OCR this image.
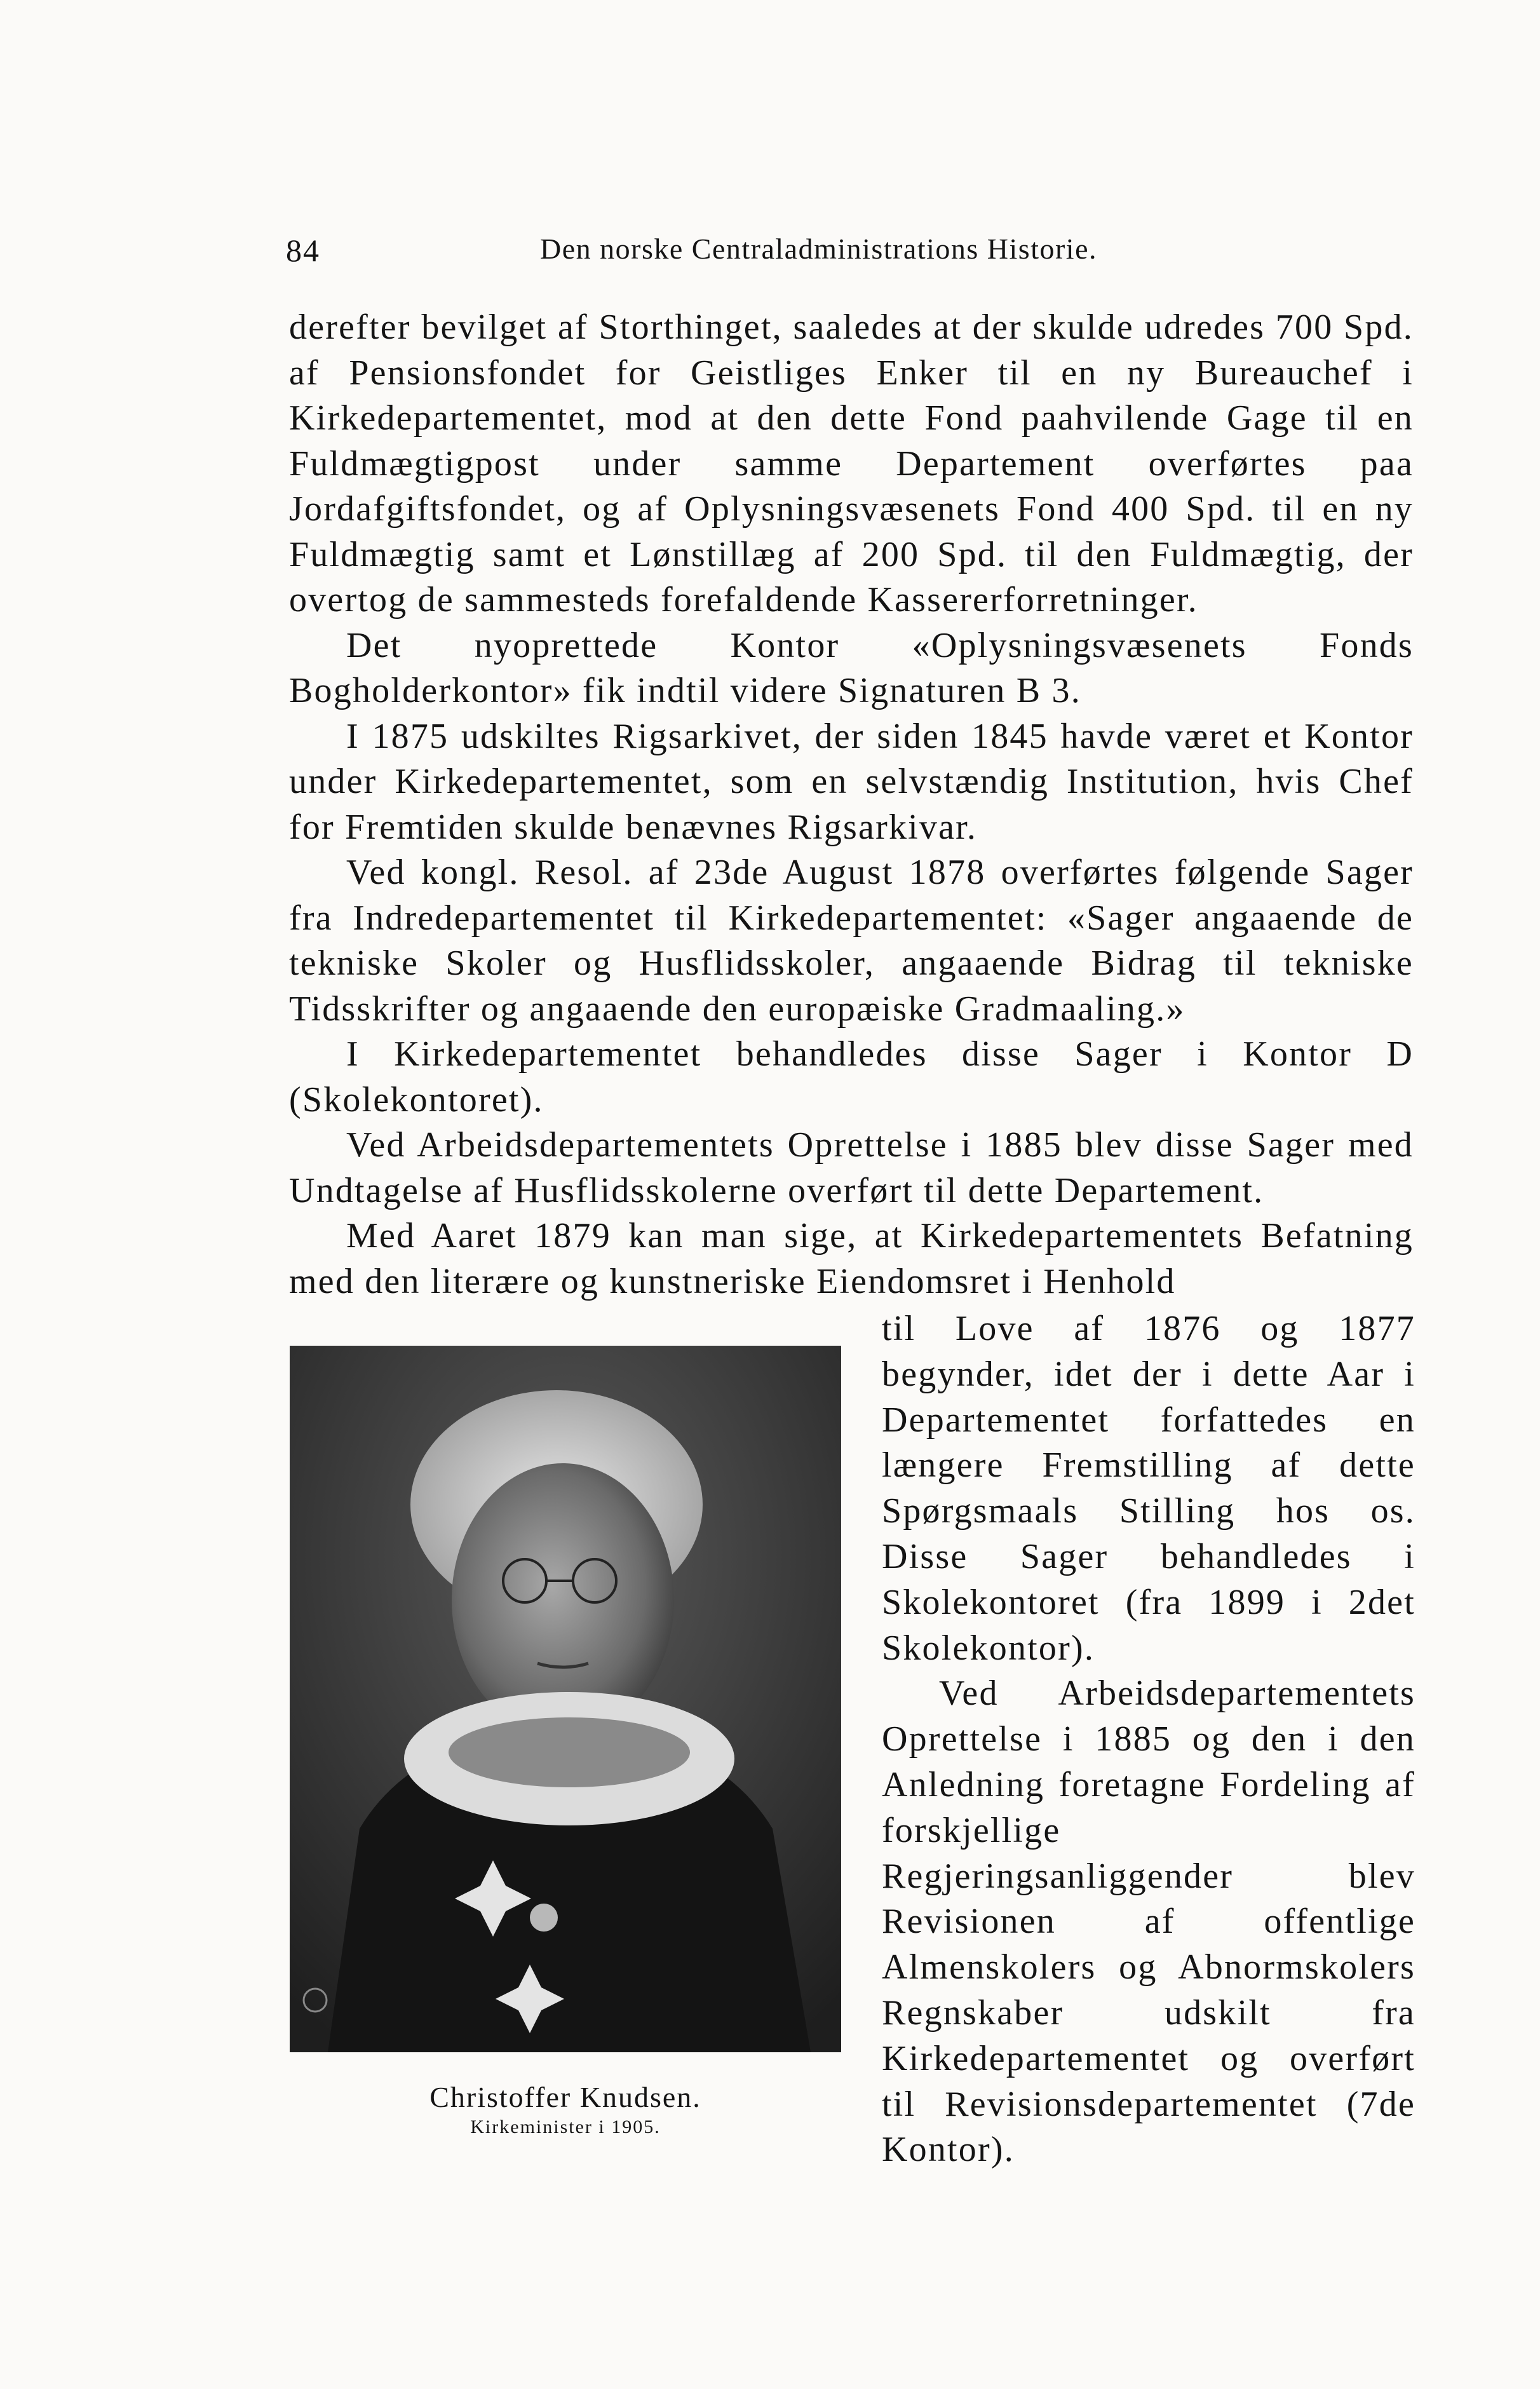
84	Den norske Centraladministrations Historie.

derefter bevilget af Storthinget, saaledes at der skulde udredes 700 Spd. af Pensionsfondet for Geistliges Enker til en ny Bureauchef i Kirkedepartementet, mod at den dette Fond paahvilende Gage til en Fuldmægtigpost under samme Departement overførtes paa Jordafgiftsfondet, og af Oplysningsvæsenets Fond 400 Spd. til en ny Fuldmægtig samt et Lønstillæg af 200 Spd. til den Fuldmægtig, der overtog de sammesteds forefaldende Kassererforretninger.

Det nyoprettede Kontor «Oplysningsvæsenets Fonds Bogholderkontor» fik indtil videre Signaturen B 3.

I 1875 udskiltes Rigsarkivet, der siden 1845 havde været et Kontor under Kirkedepartementet, som en selvstændig Institution, hvis Chef for Fremtiden skulde benævnes Rigsarkivar.

Ved kongl. Resol. af 23de August 1878 overførtes følgende Sager fra Indredepartementet til Kirkedepartementet: «Sager angaaende de tekniske Skoler og Husflidsskoler, angaaende Bidrag til tekniske Tidsskrifter og angaaende den europæiske Gradmaaling.»

I Kirkedepartementet behandledes disse Sager i Kontor D (Skolekontoret).

Ved Arbeidsdepartementets Oprettelse i 1885 blev disse Sager med Undtagelse af Husflidsskolerne overført til dette Departement.

Med Aaret 1879 kan man sige, at Kirkedepartementets Befatning med den literære og kunstneriske Eiendomsret i Henhold

Christoffer Knudsen.
Kirkeminister i 1905.

til Love af 1876 og 1877 begynder, idet der i dette Aar i Departementet forfattedes en længere Fremstilling af dette Spørgsmaals Stilling hos os. Disse Sager behandledes i Skolekontoret (fra 1899 i 2det Skolekontor).

Ved Arbeidsdepartementets Oprettelse i 1885 og den i den Anledning foretagne Fordeling af forskjellige Regjeringsanliggender blev Revisionen af offentlige Almenskolers og Abnormskolers Regnskaber udskilt fra Kirkedepartementet og overført til Revisionsdepartementet (7de Kontor).
